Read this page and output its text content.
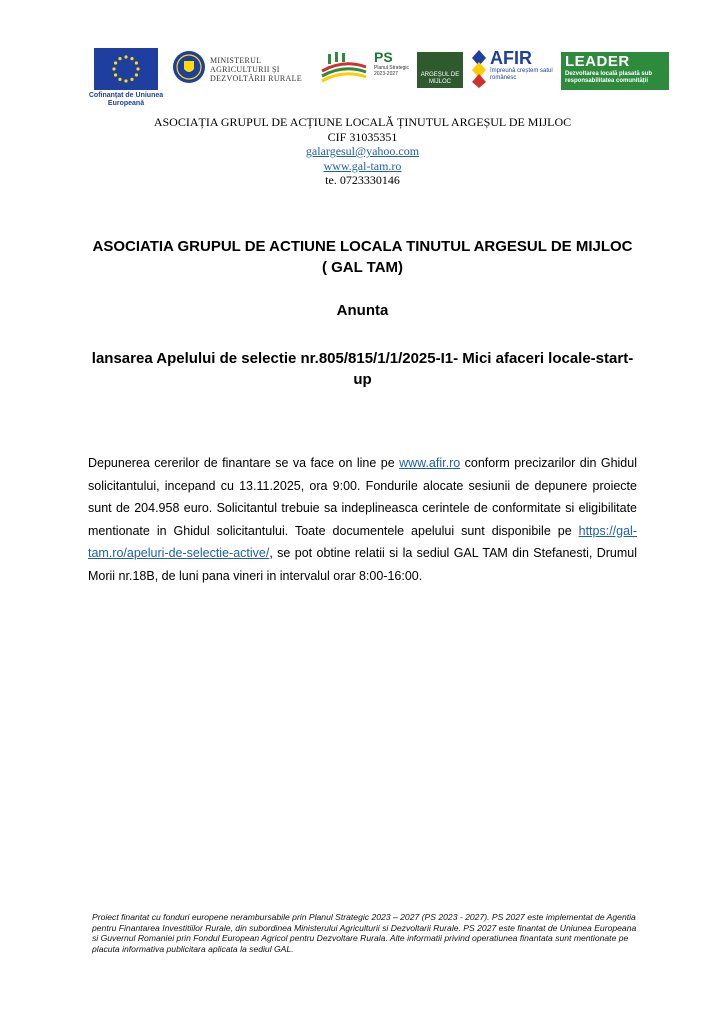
Cofinanțat de Uniunea Europeană
MINISTERUL AGRICULTURII ȘI DEZVOLTĂRII RURALE
PS
Planul Strategic 2023-2027	ARGEȘUL DE MIJLOC
AFIR
împreună creștem satul românesc
LEADER
Dezvoltarea locală plasată sub responsabilitatea comunității
ASOCIAȚIA GRUPUL DE ACȚIUNE LOCALĂ ȚINUTUL ARGEȘUL DE MIJLOC
CIF 31035351
galargesul@yahoo.com
www.gal-tam.ro
te. 0723330146
ASOCIATIA GRUPUL DE ACTIUNE LOCALA TINUTUL ARGESUL DE MIJLOC ( GAL TAM)
Anunta
lansarea Apelului de selectie nr.805/815/1/1/2025-I1- Mici afaceri locale-start-up
Depunerea cererilor de finantare se va face on line pe www.afir.ro conform precizarilor din Ghidul solicitantului, incepand cu 13.11.2025, ora 9:00. Fondurile alocate sesiunii de depunere proiecte sunt de 204.958 euro. Solicitantul trebuie sa indeplineasca cerintele de conformitate si eligibilitate mentionate in Ghidul solicitantului. Toate documentele apelului sunt disponibile pe https://gal-tam.ro/apeluri-de-selectie-active/, se pot obtine relatii si la sediul GAL TAM din Stefanesti, Drumul Morii nr.18B, de luni pana vineri in intervalul orar 8:00-16:00.
Proiect finantat cu fonduri europene nerambursabile prin Planul Strategic 2023 – 2027 (PS 2023 - 2027). PS 2027 este implementat de Agentia pentru Finantarea Investitiilor Rurale, din subordinea Ministerului Agriculturii si Dezvoltarii Rurale. PS 2027 este finantat de Uniunea Europeana si Guvernul Romaniei prin Fondul European Agricol pentru Dezvoltare Rurala. Alte informatii privind operatiunea finantata sunt mentionate pe placuta informativa publicitara aplicata la sediul GAL.
